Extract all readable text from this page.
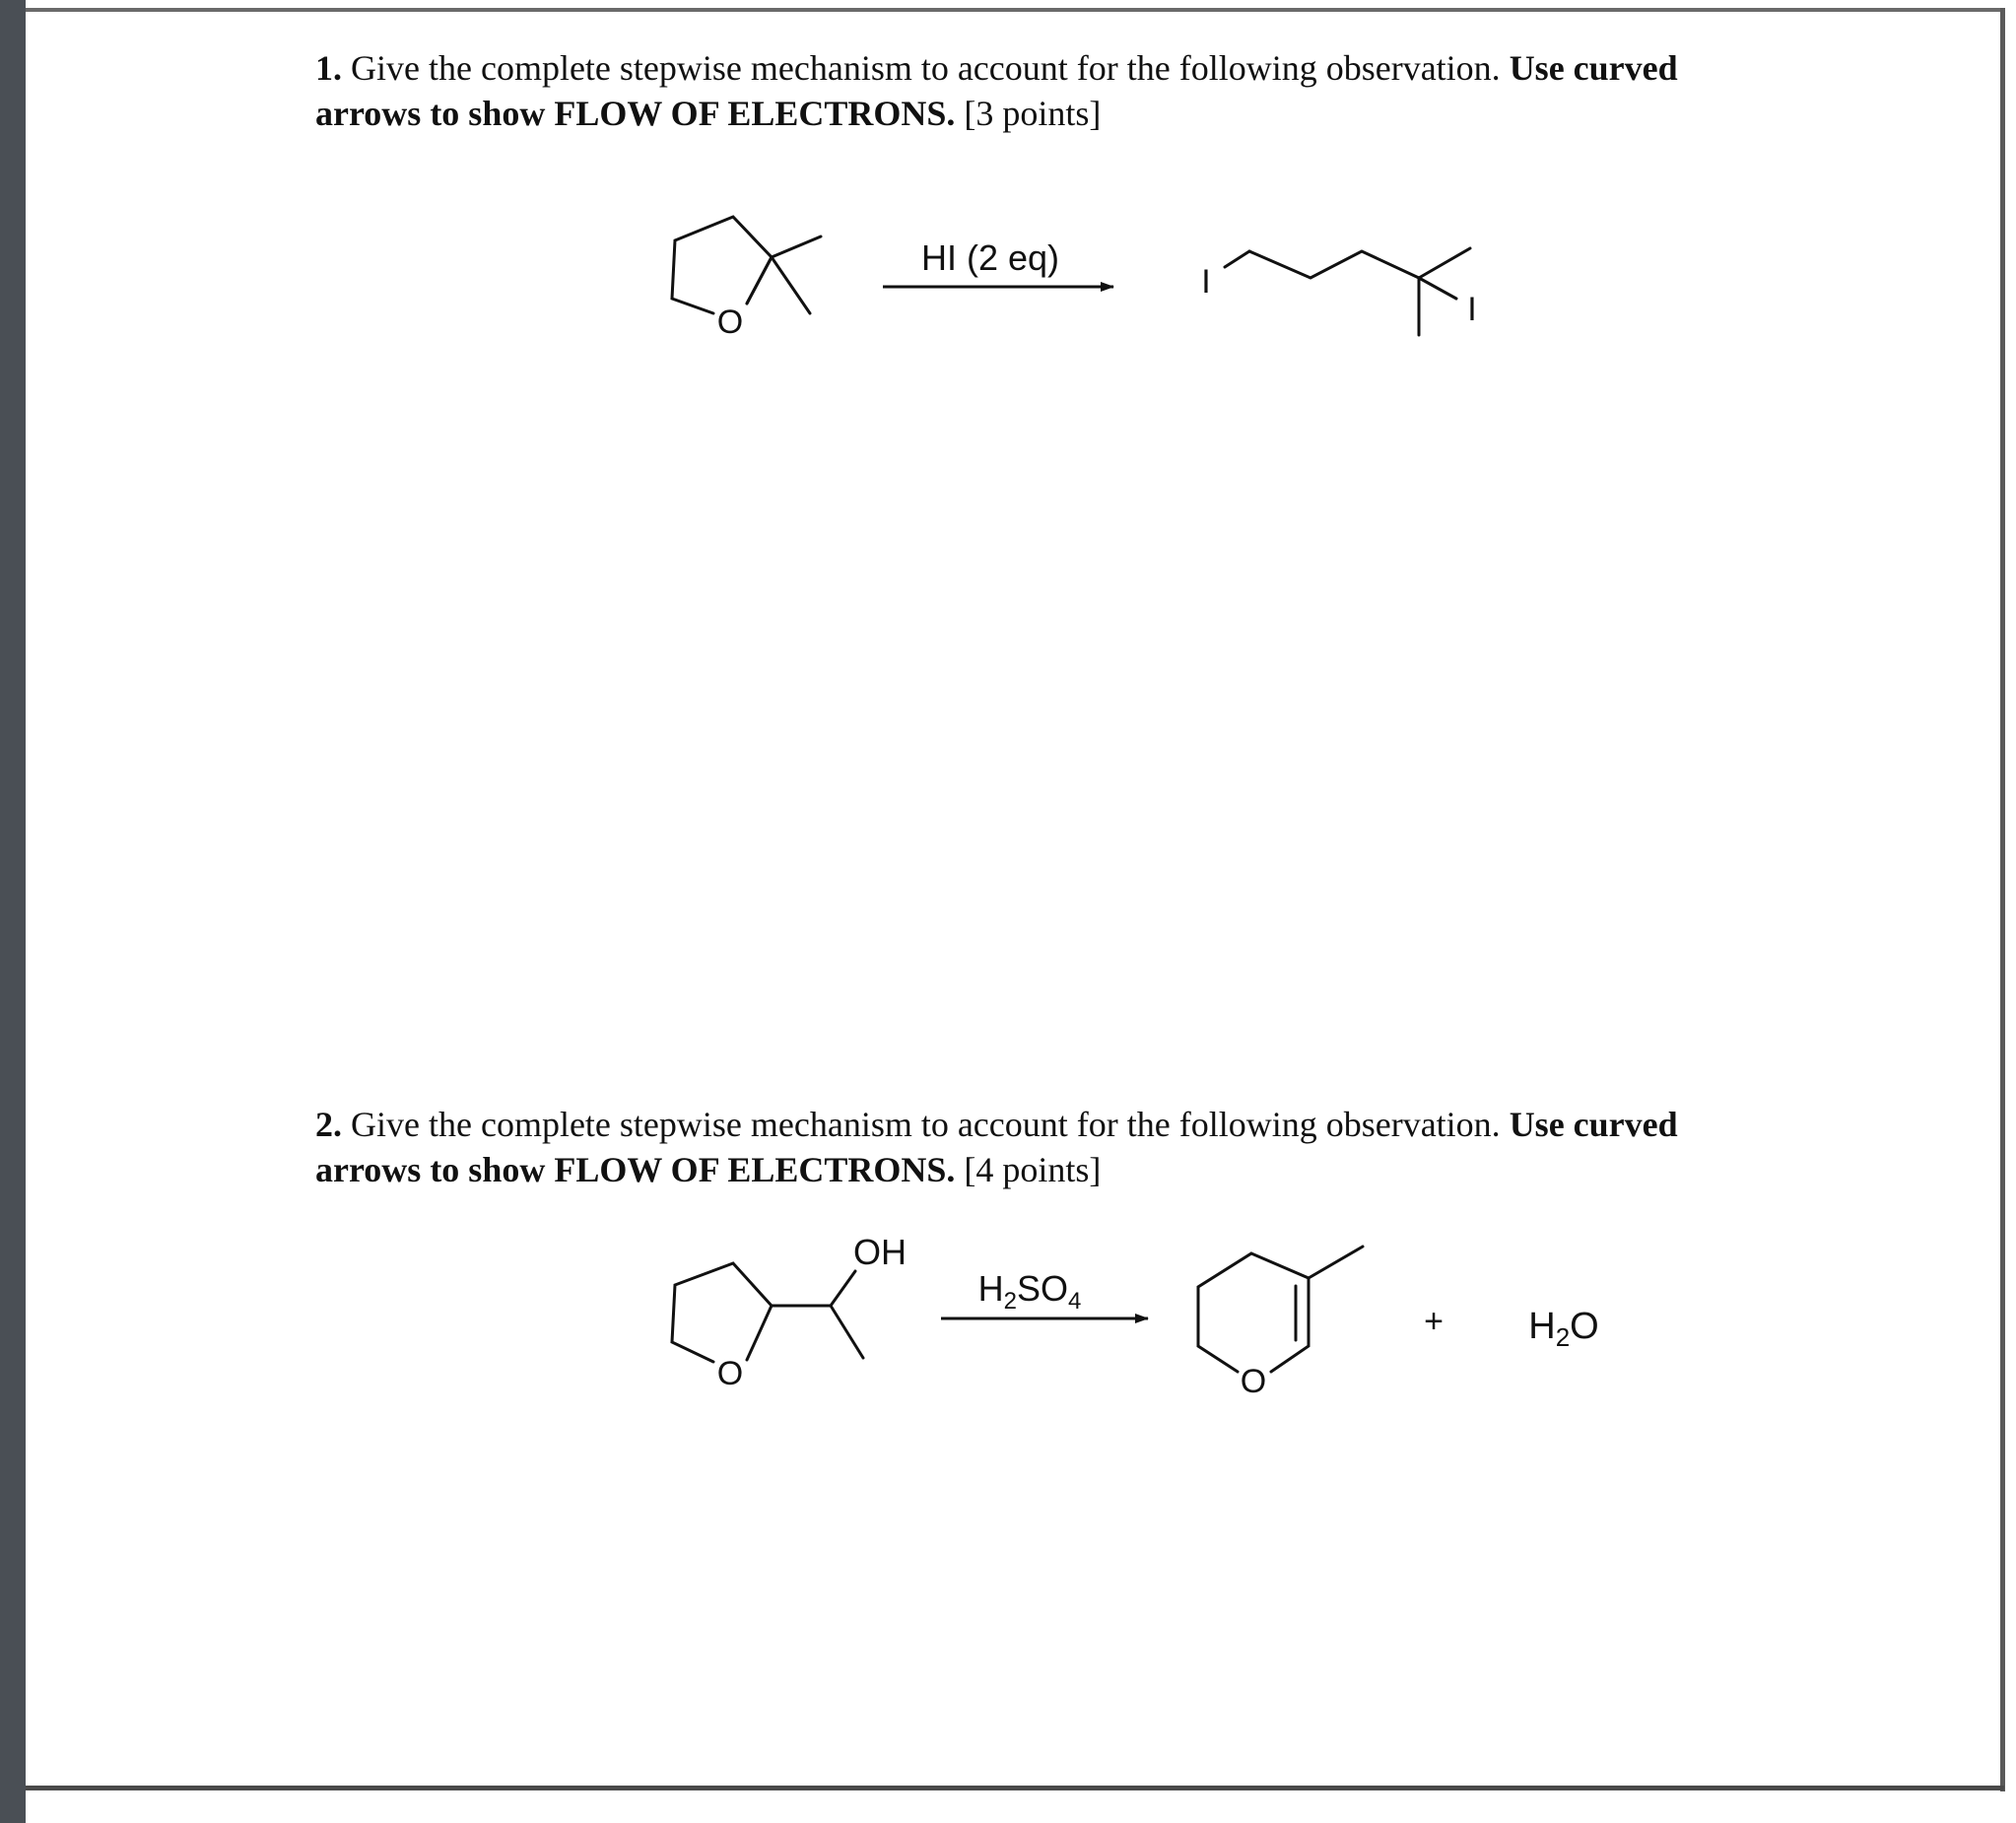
1. Give the complete stepwise mechanism to account for the following observation. Use curved arrows to show FLOW OF ELECTRONS. [3 points]

2. Give the complete stepwise mechanism to account for the following observation. Use curved arrows to show FLOW OF ELECTRONS. [4 points]

O
HI (2 eq)
I
I
O
OH
$H_2SO_4$
O
+ $H_2O$
